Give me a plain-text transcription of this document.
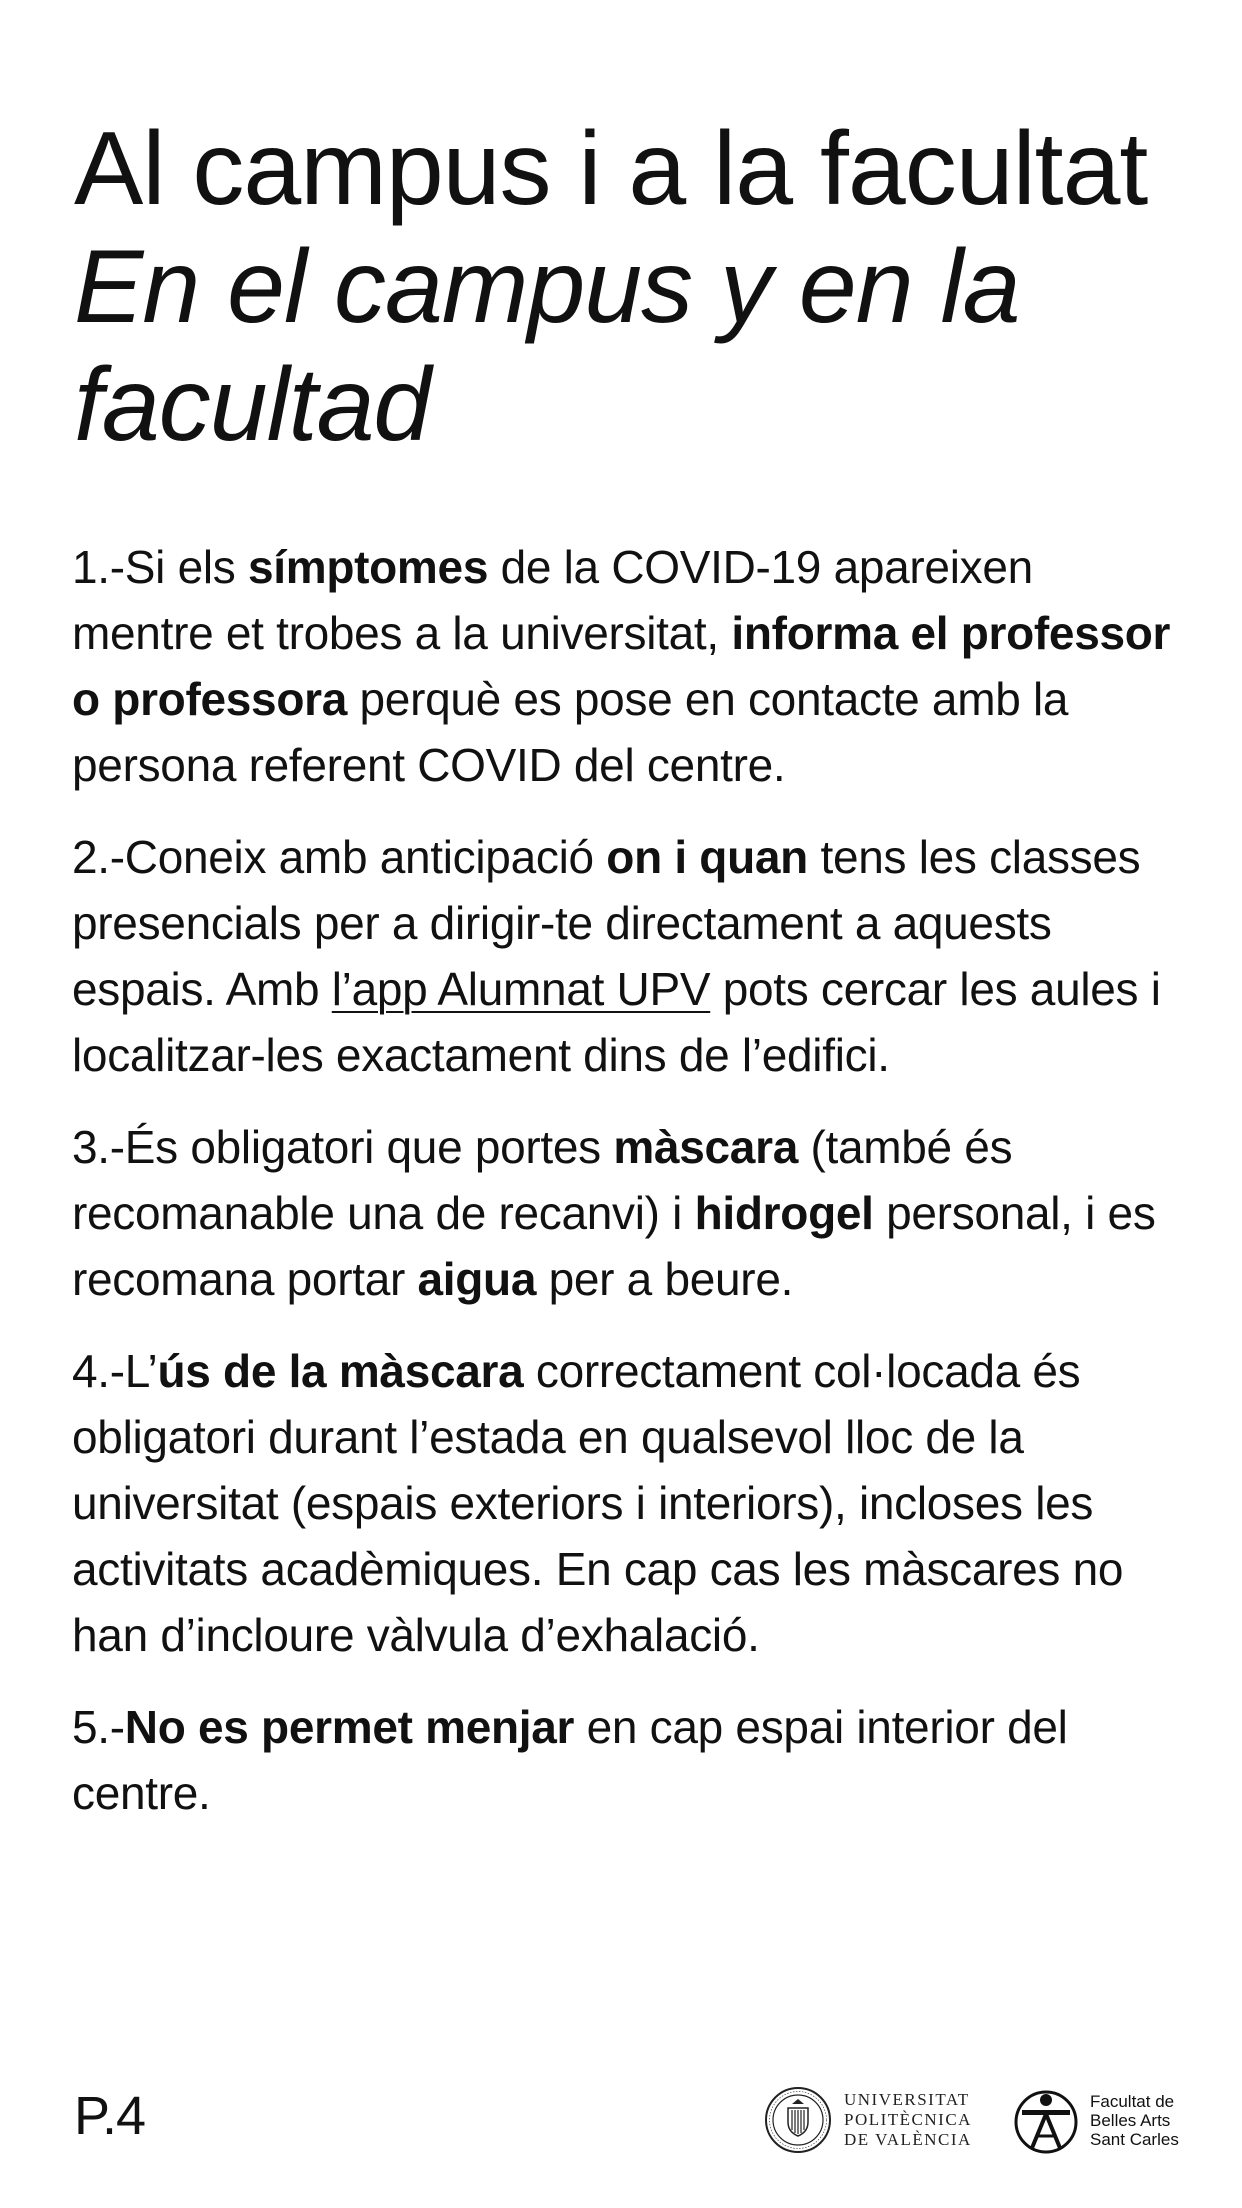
Al campus i a la facultat
En el campus y en la
facultad

1.-Si els símptomes de la COVID-19 apareixen mentre et trobes a la universitat, informa el professor o professora perquè es pose en contacte amb la persona referent COVID del centre.

2.-Coneix amb anticipació on i quan tens les classes presencials per a dirigir-te directament a aquests espais. Amb l’app Alumnat UPV pots cercar les aules i localitzar-les exactament dins de l’edifici.

3.-És obligatori que portes màscara (també és recomanable una de recanvi) i hidrogel personal, i es recomana portar aigua per a beure.

4.-L’ús de la màscara correctament col·locada és obligatori durant l’estada en qualsevol lloc de la universitat (espais exteriors i interiors), incloses les activitats acadèmiques. En cap cas les màscares no han d’incloure vàlvula d’exhalació.

5.-No es permet menjar en cap espai interior del centre.

P.4	UNIVERSITAT
POLITÈCNICA
DE VALÈNCIA
Facultat de
Belles Arts
Sant Carles
